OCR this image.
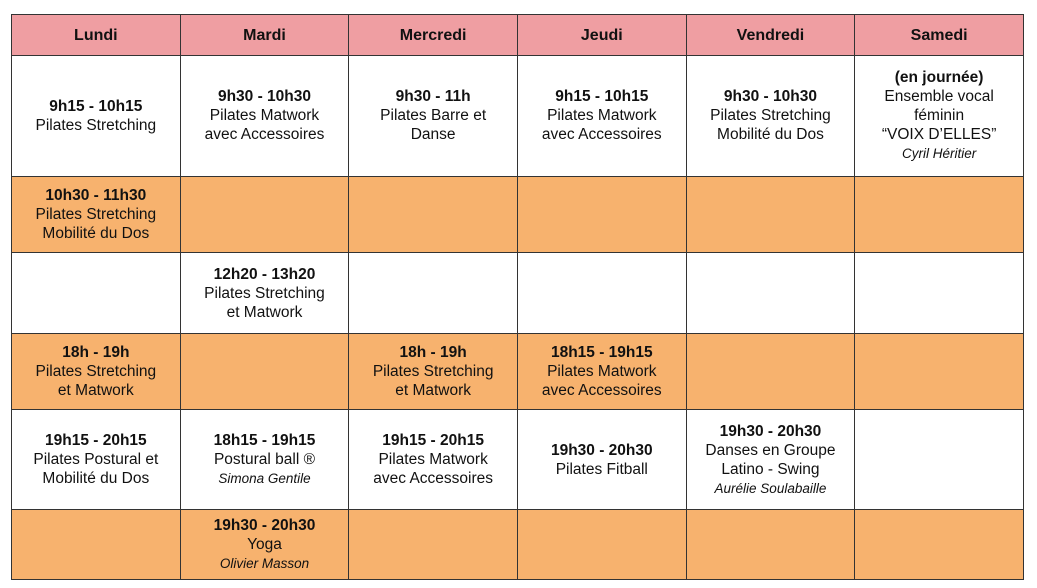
Lundi	Mardi	Mercredi	Jeudi	Vendredi	Samedi

9h15 - 10h15
Pilates Stretching	9h30 - 10h30
Pilates Matwork
avec Accessoires	9h30 - 11h
Pilates Barre et
Danse	9h15 - 10h15
Pilates Matwork
avec Accessoires	9h30 - 10h30
Pilates Stretching
Mobilité du Dos	(en journée)
Ensemble vocal
féminin
“VOIX D’ELLES”
Cyril Héritier

10h30 - 11h30
Pilates Stretching
Mobilité du Dos					

	12h20 - 13h20
Pilates Stretching
et Matwork				

18h - 19h
Pilates Stretching
et Matwork		18h - 19h
Pilates Stretching
et Matwork	18h15 - 19h15
Pilates Matwork
avec Accessoires		

19h15 - 20h15
Pilates Postural et
Mobilité du Dos	18h15 - 19h15
Postural ball ®
Simona Gentile	19h15 - 20h15
Pilates Matwork
avec Accessoires	19h30 - 20h30
Pilates Fitball	19h30 - 20h30
Danses en Groupe
Latino - Swing
Aurélie Soulabaille	

	19h30 - 20h30
Yoga
Olivier Masson				
